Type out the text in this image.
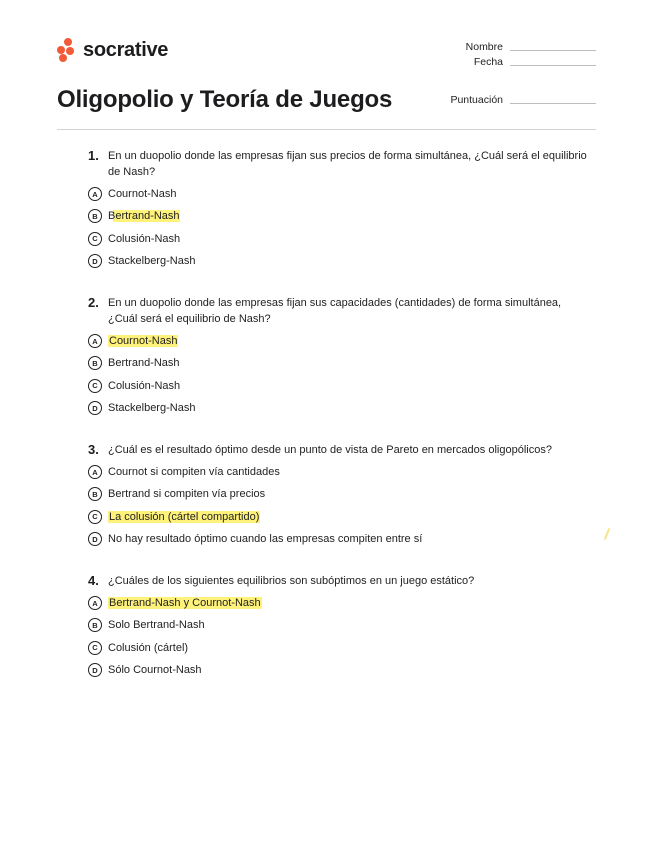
socrative	Nombre
Fecha
Puntuación
Oligopolio y Teoría de Juegos
1. En un duopolio donde las empresas fijan sus precios de forma simultánea, ¿Cuál será el equilibrio de Nash?
A Cournot-Nash
B Bertrand-Nash
C Colusión-Nash
D Stackelberg-Nash
2. En un duopolio donde las empresas fijan sus capacidades (cantidades) de forma simultánea, ¿Cuál será el equilibrio de Nash?
A	Cournot-Nash
B Bertrand-Nash
C Colusión-Nash
D Stackelberg-Nash
3. ¿Cuál es el resultado óptimo desde un punto de vista de Pareto en mercados oligopólicos?
A Cournot si compiten vía cantidades
B Bertrand si compiten vía precios
C	La colusión (cártel compartido)
D No hay resultado óptimo cuando las empresas compiten entre sí
4. ¿Cuáles de los siguientes equilibrios son subóptimos en un juego estático?
A	Bertrand-Nash y Cournot-Nash
B Solo Bertrand-Nash
C Colusión (cártel)
D Sólo Cournot-Nash
